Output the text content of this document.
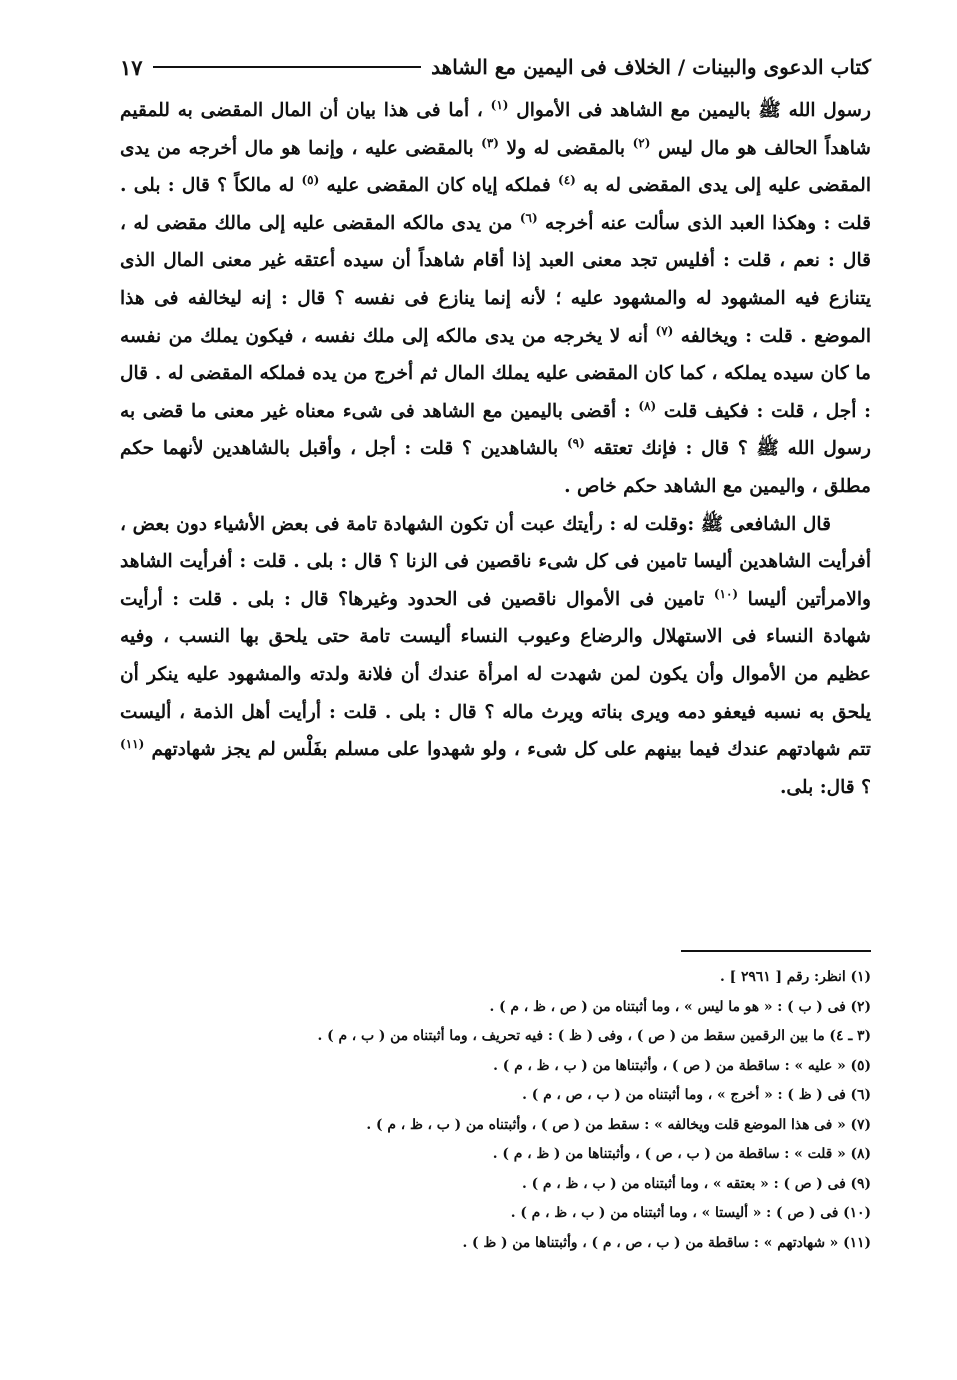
كتاب الدعوى والبينات / الخلاف فى اليمين مع الشاهد
١٧

رسول الله ﷺ باليمين مع الشاهد فى الأموال $^{(١)}$ ، أما فى هذا بيان أن المال المقضى به للمقيم شاهداً الحالف هو مال ليس $^{(٢)}$ بالمقضى له ولا $^{(٣)}$ بالمقضى عليه ، وإنما هو مال أخرجه من يدى المقضى عليه إلى يدى المقضى له به $^{(٤)}$ فملكه إياه كان المقضى عليه $^{(٥)}$ له مالكاً ؟ قال : بلى . قلت : وهكذا العبد الذى سألت عنه أخرجه $^{(٦)}$ من يدى مالكه المقضى عليه إلى مالك مقضى له ، قال : نعم ، قلت : أفليس تجد معنى العبد إذا أقام شاهداً أن سيده أعتقه غير معنى المال الذى يتنازع فيه المشهود له والمشهود عليه ؛ لأنه إنما ينازع فى نفسه ؟ قال : إنه ليخالفه فى هذا الموضع . قلت : ويخالفه $^{(٧)}$ أنه لا يخرجه من يدى مالكه إلى ملك نفسه ، فيكون يملك من نفسه ما كان سيده يملكه ، كما كان المقضى عليه يملك المال ثم أخرج من يده فملكه المقضى له . قال : أجل ، قلت : فكيف قلت $^{(٨)}$ : أقضى باليمين مع الشاهد فى شىء معناه غير معنى ما قضى به رسول الله ﷺ ؟ قال : فإنك تعتقه $^{(٩)}$ بالشاهدين ؟ قلت : أجل ، وأقبل بالشاهدين لأنهما حكم مطلق ، واليمين مع الشاهد حكم خاص .

قال الشافعى ﷺ :وقلت له : رأيتك عبت أن تكون الشهادة تامة فى بعض الأشياء دون بعض ، أفرأيت الشاهدين أليسا تامين فى كل شىء ناقصين فى الزنا ؟ قال : بلى . قلت : أفرأيت الشاهد والامرأتين أليسا $^{(١٠)}$ تامين فى الأموال ناقصين فى الحدود وغيرها؟ قال : بلى . قلت : أرأيت شهادة النساء فى الاستهلال والرضاع وعيوب النساء أليست تامة حتى يلحق بها النسب ، وفيه عظيم من الأموال وأن يكون لمن شهدت له امرأة عندك أن فلانة ولدته والمشهود عليه ينكر أن يلحق به نسبه فيعفو دمه ويرى بناته ويرث ماله ؟ قال : بلى . قلت : أرأيت أهل الذمة ، أليست تتم شهادتهم عندك فيما بينهم على كل شىء ، ولو شهدوا على مسلم بفَلْس لم يجز شهادتهم $^{(١١)}$ ؟ قال: بلى.

(١) انظر: رقم [ ٢٩٦١ ] .
(٢) فى ( ب ) : « هو ما ليس » ، وما أثبتناه من ( ص ، ظ ، م ) .
(٣ ـ ٤) ما بين الرقمين سقط من ( ص ) ، وفى ( ظ ) : فيه تحريف ، وما أثبتناه من ( ب ، م ) .
(٥) « عليه » : ساقطة من ( ص ) ، وأثبتناها من ( ب ، ظ ، م ) .
(٦) فى ( ظ ) : « أخرج » ، وما أثبتناه من ( ب ، ص ، م ) .
(٧) « فى هذا الموضع قلت ويخالفه » : سقط من ( ص ) ، وأثبتناه من ( ب ، ظ ، م ) .
(٨) « قلت » : ساقطة من ( ب ، ص ) ، وأثبتناها من ( ظ ، م ) .
(٩) فى ( ص ) : « بعتقه » ، وما أثبتناه من ( ب ، ظ ، م ) .
(١٠) فى ( ص ) : « أليستا » ، وما أثبتناه من ( ب ، ظ ، م ) .
(١١) « شهادتهم » : ساقطة من ( ب ، ص ، م ) ، وأثبتناها من ( ظ ) .
